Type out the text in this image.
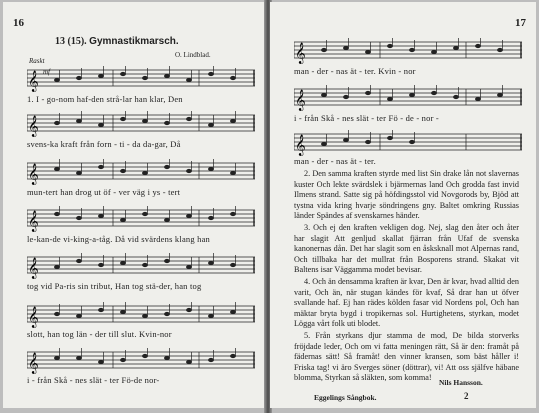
16
13 (15). Gymnastikmarsch.
O. Lindblad.
Raskt
mf
𝄞
1. I - go-nom haf-den strå-lar han klar, Den
𝄞
svens-ka kraft från forn - ti - da da-gar, Då
𝄞
mun-tert han drog ut öf - ver väg i ys - tert
𝄞
le-kan-de vi-king-a-tåg. Då vid svärdens klang han
𝄞
tog vid Pa-ris sin tribut, Han tog stä-der, han tog
𝄞
slott, han tog län - der till slut. Kvin-nor
𝄞
i - från Skå - nes slät - ter Fö-de nor-
17
𝄞
man - der - nas ät - ter. Kvin - nor
𝄞
i - från Skå - nes slät - ter Fö - de - nor -
𝄞
man - der - nas ät - ter.

2. Den samma kraften styrde med list Sin drake lån not slavernas kuster Och lekte svärdslek i bjärmernas land Och grodda fast invid Ilmens strand. Satte sig på höfdingsstol vid Novgorods by, Bjöd att tystna vida kring hvarje söndringens gny. Baltet omkring Russias länder Spändes af svenskarnes händer.

3. Och ej den kraften vekligen dog. Nej, slag den åter och åter har slagit Att genljud skallat fjärran från Ufaf de svenska kanonernas dån. Det har slagit som en åsksknall mot Alpernas rand, Och tillbaka har det mullrat från Bosporens strand. Skakat vit Baltens isar Väggamma modet bevisar.

4. Och än densamma kraften är kvar, Den är kvar, hvad alltid den varit, Och än, när stugan kändes för kvaf, Så drar han ut öfver svallande haf. Ej han rädes kölden fasar vid Nordens pol, Och han mäktar bryta bygd i tropikernas sol. Hurtighetens, styrkan, modet Lögga vårt folk uti blodet.

5. Från styrkans djur stamma de mod, De bilda storverks fröjdade leder, Och om vi fatta meningen rätt, Så är den: framåt på fädernas sätt! Så framåt! den vinner kransen, som bäst håller i! Friska tag! vi äro Sverges söner (döttrar), vi! Att oss själfve häbane blomma, Styrkan så släkten, som komma!

Nils Hansson.
Eggelings Sångbok.	2
